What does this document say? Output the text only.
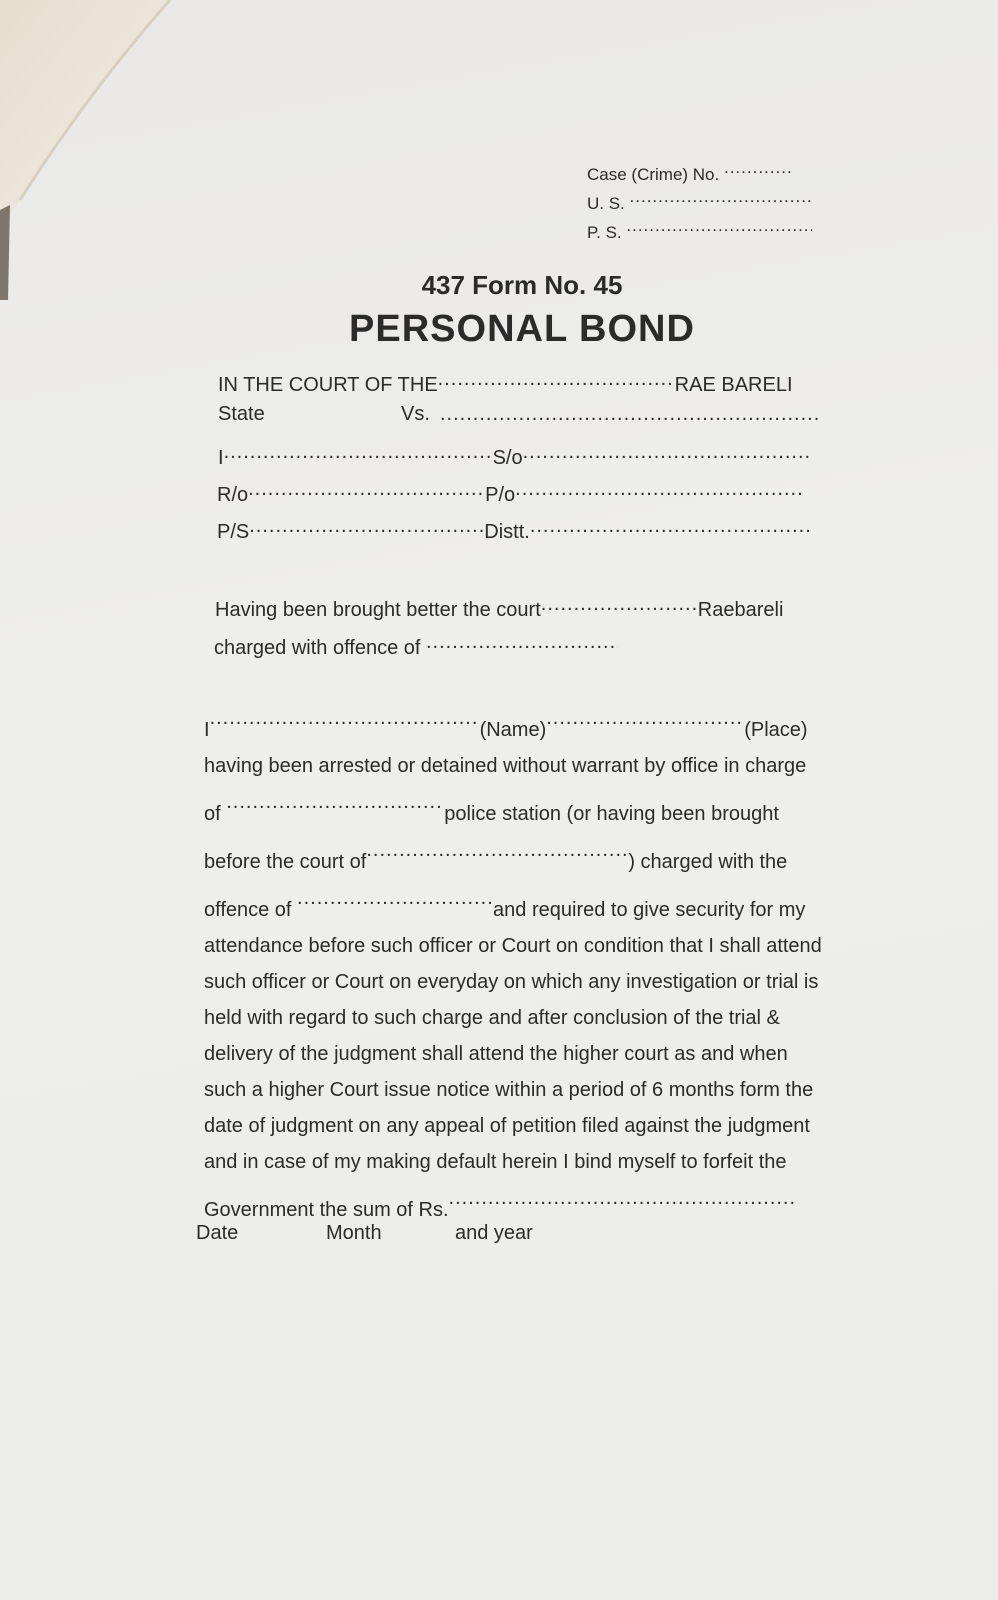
Case (Crime) No. .....
U. S. .....
P. S. .....
437 Form No. 45
PERSONAL BOND
IN THE COURT OF THE .....	RAE BARELI
State	Vs.
.....
I .....	S/o.....
R/o .....	P/o.....
P/S .....	Distt......
Having been brought better the court .....	Raebareli
charged with offence of .....
I .....	(Name) .....	(Place)
having been arrested or detained without warrant by office in charge
of .....	police station (or having been brought
before the court of .....	) charged with the
offence of .....	and required to give security for my
attendance before such officer or Court on condition that I shall attend
such officer or Court on everyday on which any investigation or trial is
held with regard to such charge and after conclusion of the trial &
delivery of the judgment shall attend the higher court as and when
such a higher Court issue notice within a period of 6 months form the
date of judgment on any appeal of petition filed against the judgment
and in case of my making default herein I bind myself to forfeit the
Government the sum of Rs......
Date	Month	and year
